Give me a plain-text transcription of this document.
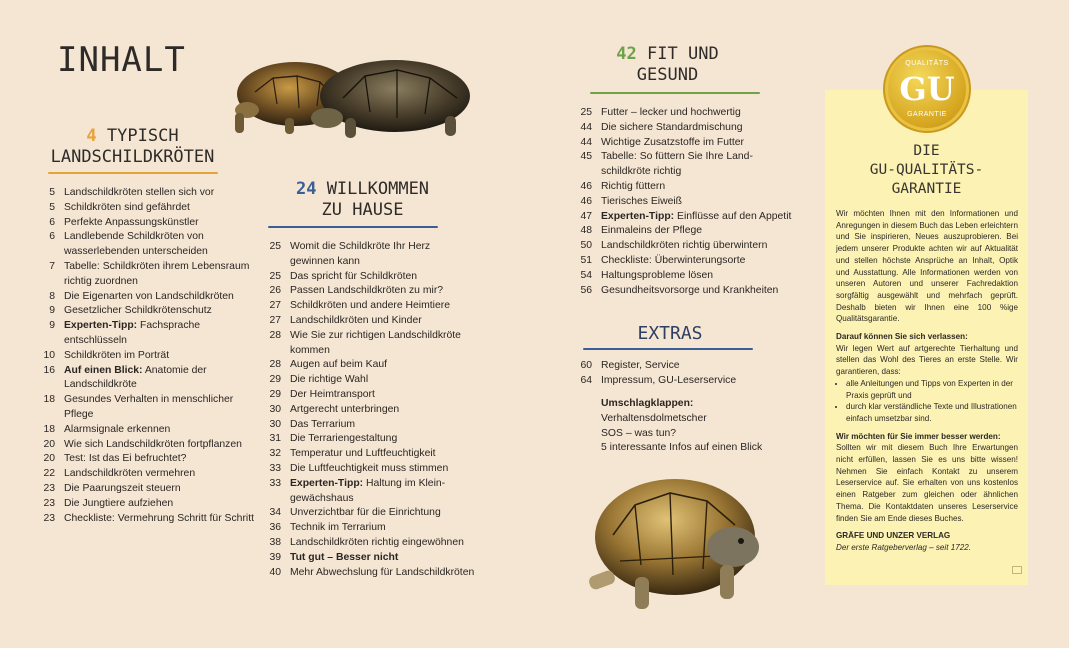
INHALT
4 TYPISCH
LANDSCHILDKRÖTEN
5 Landschildkröten stellen sich vor
5 Schildkröten sind gefährdet
6 Perfekte Anpassungskünstler
6 Landlebende Schildkröten von
wasserlebenden unterscheiden
7 Tabelle: Schildkröten ihrem Lebensraum
richtig zuordnen
8 Die Eigenarten von Landschildkröten
9 Gesetzlicher Schildkrötenschutz
9 Experten-Tipp: Fachsprache
entschlüsseln
10 Schildkröten im Porträt
16 Auf einen Blick: Anatomie der
Landschildkröte
18 Gesundes Verhalten in menschlicher
Pflege
18 Alarmsignale erkennen
20 Wie sich Landschildkröten fortpflanzen
20 Test: Ist das Ei befruchtet?
22 Landschildkröten vermehren
23 Die Paarungszeit steuern
23 Die Jungtiere aufziehen
23 Checkliste: Vermehrung Schritt für Schritt
24 WILLKOMMEN
ZU HAUSE
25 Womit die Schildkröte Ihr Herz
gewinnen kann
25 Das spricht für Schildkröten
26 Passen Landschildkröten zu mir?
27 Schildkröten und andere Heimtiere
27 Landschildkröten und Kinder
28 Wie Sie zur richtigen Landschildkröte
kommen
28 Augen auf beim Kauf
29 Die richtige Wahl
29 Der Heimtransport
30 Artgerecht unterbringen
30 Das Terrarium
31 Die Terrariengestaltung
32 Temperatur und Luftfeuchtigkeit
33 Die Luftfeuchtigkeit muss stimmen
33 Experten-Tipp: Haltung im Klein-
gewächshaus
34 Unverzichtbar für die Einrichtung
36 Technik im Terrarium
38 Landschildkröten richtig eingewöhnen
39 Tut gut – Besser nicht
40 Mehr Abwechslung für Landschildkröten
42 FIT UND
GESUND
25 Futter – lecker und hochwertig
44 Die sichere Standardmischung
44 Wichtige Zusatzstoffe im Futter
45 Tabelle: So füttern Sie Ihre Land-
schildkröte richtig
46 Richtig füttern
46 Tierisches Eiweiß
47 Experten-Tipp: Einflüsse auf den Appetit
48 Einmaleins der Pflege
50 Landschildkröten richtig überwintern
51 Checkliste: Überwinterungsorte
54 Haltungsprobleme lösen
56 Gesundheitsvorsorge und Krankheiten
EXTRAS
60 Register, Service
64 Impressum, GU-Leserservice
Umschlagklappen:
Verhaltensdolmetscher
SOS – was tun?
5 interessante Infos auf einen Blick
QUALITÄTS
GU
GARANTIE
DIE
GU-QUALITÄTS-
GARANTIE

Wir möchten Ihnen mit den Informationen und Anregungen in diesem Buch das Leben erleichtern und Sie inspirieren, Neues auszuprobieren. Bei jedem unserer Produkte achten wir auf Aktualität und stellen höchste Ansprüche an Inhalt, Optik und Ausstattung. Alle Informationen werden von unseren Autoren und unserer Fachredaktion sorgfältig ausgewählt und mehrfach geprüft. Deshalb bieten wir Ihnen eine 100 %ige Qualitätsgarantie.

Darauf können Sie sich verlassen:

Wir legen Wert auf artgerechte Tierhaltung und stellen das Wohl des Tieres an erste Stelle. Wir garantieren, dass:

• alle Anleitungen und Tipps von Experten in der Praxis geprüft und
• durch klar verständliche Texte und Illustrationen einfach umsetzbar sind.
Wir möchten für Sie immer besser werden:

Sollten wir mit diesem Buch Ihre Erwartungen nicht erfüllen, lassen Sie es uns bitte wissen! Nehmen Sie einfach Kontakt zu unserem Leserservice auf. Sie erhalten von uns kostenlos einen Ratgeber zum gleichen oder ähnlichen Thema. Die Kontaktdaten unseres Leserservice finden Sie am Ende dieses Buches.

GRÄFE UND UNZER VERLAG
Der erste Ratgeberverlag – seit 1722.
